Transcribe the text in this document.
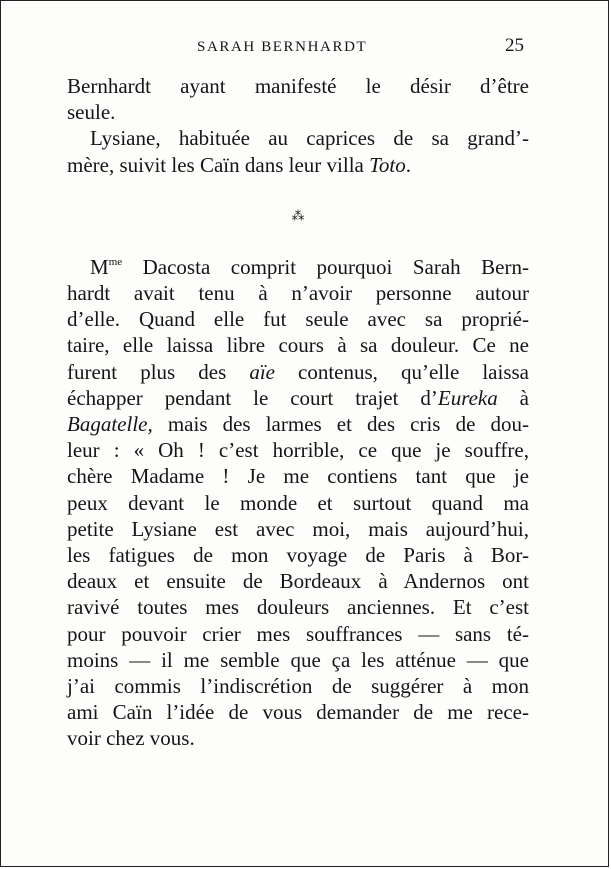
SARAH BERNHARDT	25

Bernhardt ayant manifesté le désir d’être
seule.

Lysiane, habituée au caprices de sa grand’-
mère, suivit les Caïn dans leur villa Toto.

⁂

$M^{me}$ Dacosta comprit pourquoi Sarah Bern-
hardt avait tenu à n’avoir personne autour
d’elle. Quand elle fut seule avec sa proprié-
taire, elle laissa libre cours à sa douleur. Ce ne
furent plus des aïe contenus, qu’elle laissa
échapper pendant le court trajet d’Eureka à
Bagatelle, mais des larmes et des cris de dou-
leur : « Oh ! c’est horrible, ce que je souffre,
chère Madame ! Je me contiens tant que je
peux devant le monde et surtout quand ma
petite Lysiane est avec moi, mais aujourd’hui,
les fatigues de mon voyage de Paris à Bor-
deaux et ensuite de Bordeaux à Andernos ont
ravivé toutes mes douleurs anciennes. Et c’est
pour pouvoir crier mes souffrances — sans té-
moins — il me semble que ça les atténue — que
j’ai commis l’indiscrétion de suggérer à mon
ami Caïn l’idée de vous demander de me rece-
voir chez vous.
